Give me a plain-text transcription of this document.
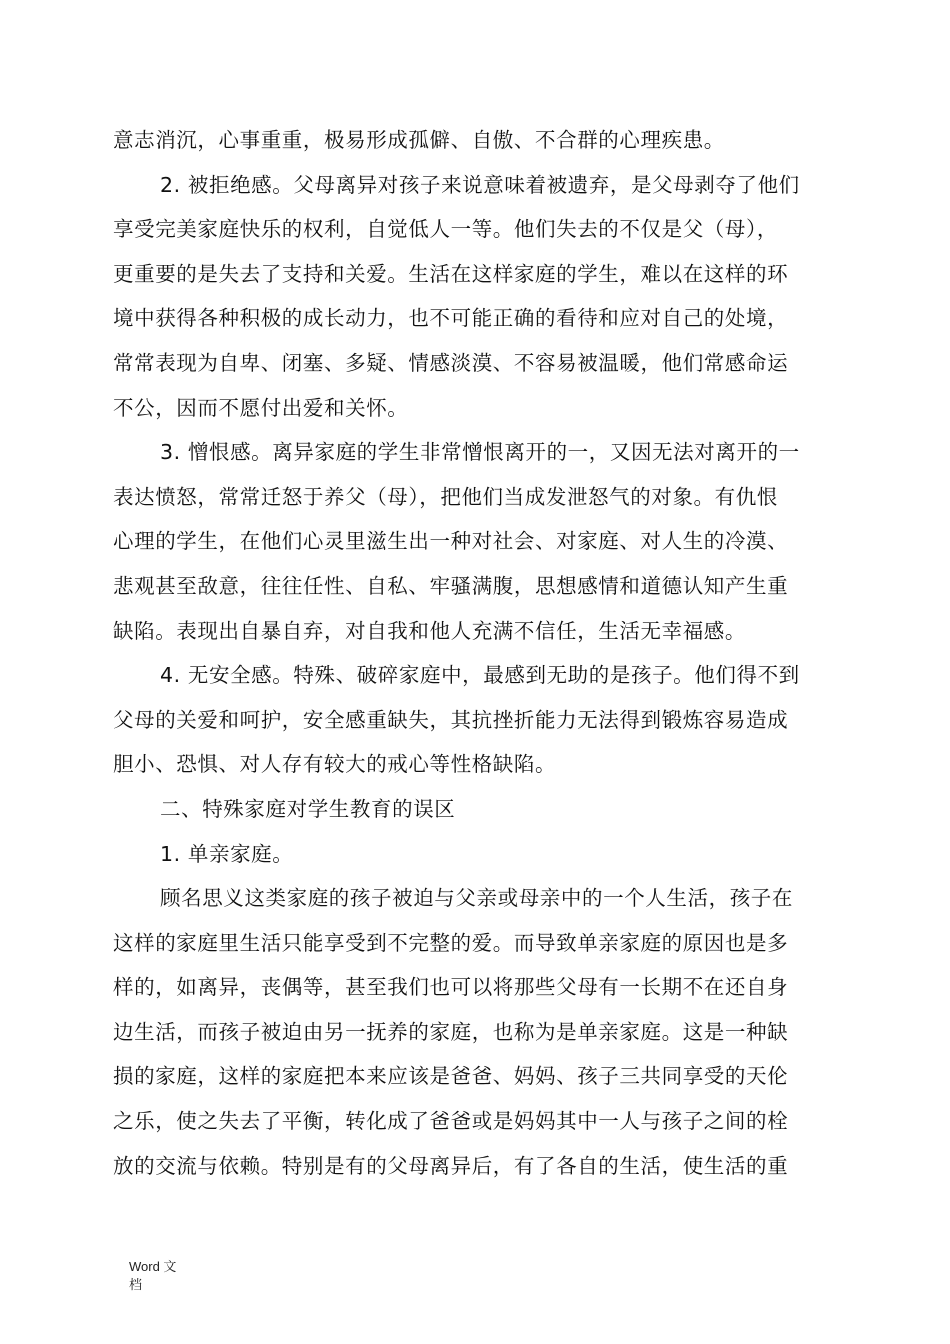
意志消沉，心事重重，极易形成孤僻、自傲、不合群的心理疾患。
2. 被拒绝感。父母离异对孩子来说意味着被遗弃，是父母剥夺了他们
享受完美家庭快乐的权利，自觉低人一等。他们失去的不仅是父（母），
更重要的是失去了支持和关爱。生活在这样家庭的学生，难以在这样的环
境中获得各种积极的成长动力，也不可能正确的看待和应对自己的处境，
常常表现为自卑、闭塞、多疑、情感淡漠、不容易被温暖，他们常感命运
不公，因而不愿付出爱和关怀。
3. 憎恨感。离异家庭的学生非常憎恨离开的一，又因无法对离开的一
表达愤怒，常常迁怒于养父（母），把他们当成发泄怒气的对象。有仇恨
心理的学生，在他们心灵里滋生出一种对社会、对家庭、对人生的冷漠、
悲观甚至敌意，往往任性、自私、牢骚满腹，思想感情和道德认知产生重
缺陷。表现出自暴自弃，对自我和他人充满不信任，生活无幸福感。
4. 无安全感。特殊、破碎家庭中，最感到无助的是孩子。他们得不到
父母的关爱和呵护，安全感重缺失，其抗挫折能力无法得到锻炼容易造成
胆小、恐惧、对人存有较大的戒心等性格缺陷。
二、特殊家庭对学生教育的误区
1. 单亲家庭。
顾名思义这类家庭的孩子被迫与父亲或母亲中的一个人生活，孩子在
这样的家庭里生活只能享受到不完整的爱。而导致单亲家庭的原因也是多
样的，如离异，丧偶等，甚至我们也可以将那些父母有一长期不在还自身
边生活，而孩子被迫由另一抚养的家庭，也称为是单亲家庭。这是一种缺
损的家庭，这样的家庭把本来应该是爸爸、妈妈、孩子三共同享受的天伦
之乐，使之失去了平衡，转化成了爸爸或是妈妈其中一人与孩子之间的栓
放的交流与依赖。特别是有的父母离异后，有了各自的生活，使生活的重
Word 文
档
